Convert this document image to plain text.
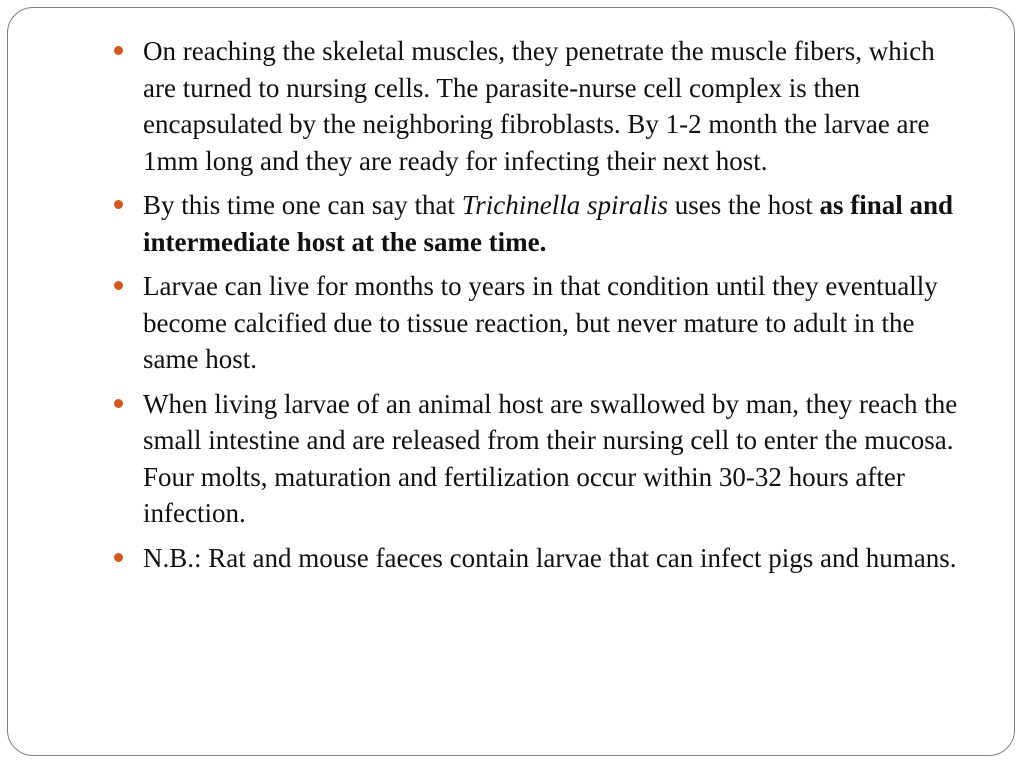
On reaching the skeletal muscles, they penetrate the muscle fibers, which are turned to nursing cells. The parasite-nurse cell complex is then encapsulated by the neighboring fibroblasts. By 1-2 month the larvae are 1mm long and they are ready for infecting their next host.
By this time one can say that Trichinella spiralis uses the host as final and intermediate host at the same time.
Larvae can live for months to years in that condition until they eventually become calcified due to tissue reaction, but never mature to adult in the same host.
When living larvae of an animal host are swallowed by man, they reach the small intestine and are released from their nursing cell to enter the mucosa. Four molts, maturation and fertilization occur within 30-32 hours after infection.
N.B.: Rat and mouse faeces contain larvae that can infect pigs and humans.
